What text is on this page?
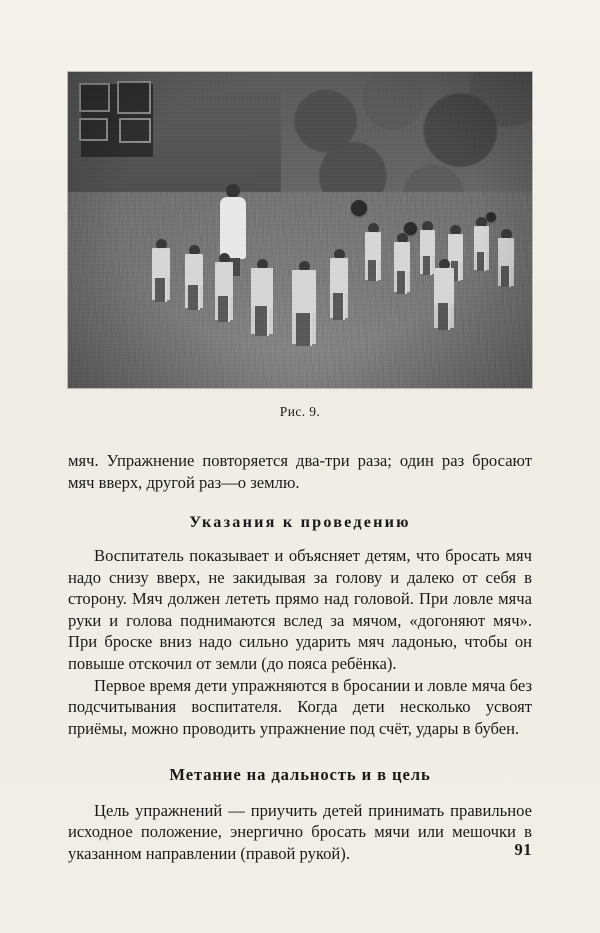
Рис. 9.

мяч. Упражнение повторяется два-три раза; один раз бросают мяч вверх, другой раз—о землю.

Указания к проведению

Воспитатель показывает и объясняет детям, что бросать мяч надо снизу вверх, не закидывая за голову и далеко от себя в сторону. Мяч должен лететь прямо над головой. При ловле мяча руки и голова поднимаются вслед за мячом, «догоняют мяч». При броске вниз надо сильно ударить мяч ладонью, чтобы он повыше отскочил от земли (до пояса ребёнка).

Первое время дети упражняются в бросании и ловле мяча без подсчитывания воспитателя. Когда дети несколько усвоят приёмы, можно проводить упражнение под счёт, удары в бубен.

Метание на дальность и в цель

Цель упражнений — приучить детей принимать правильное исходное положение, энергично бросать мячи или мешочки в указанном направлении (правой рукой).	91
